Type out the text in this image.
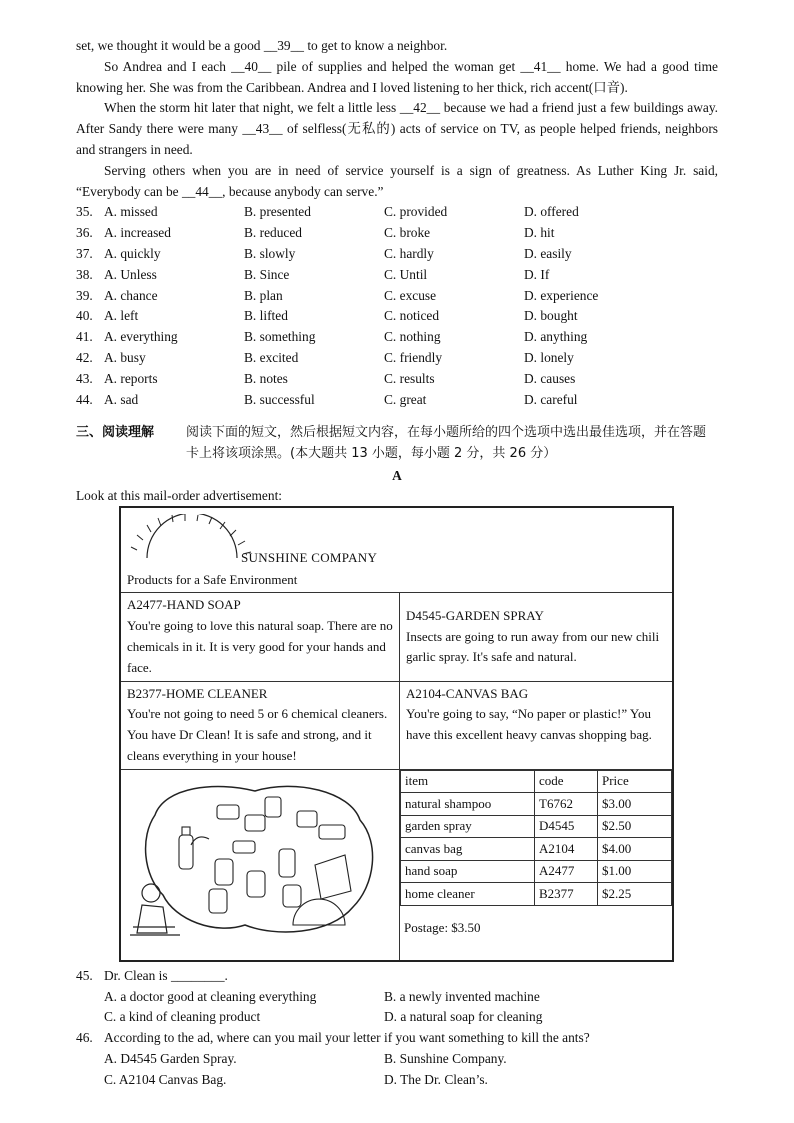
set, we thought it would be a good __39__ to get to know a neighbor.

So Andrea and I each __40__ pile of supplies and helped the woman get __41__ home. We had a good time knowing her. She was from the Caribbean. Andrea and I loved listening to her thick, rich accent(口音).

When the storm hit later that night, we felt a little less __42__ because we had a friend just a few buildings away. After Sandy there were many __43__ of selfless(无私的) acts of service on TV, as people helped friends, neighbors and strangers in need.

Serving others when you are in need of service yourself is a sign of greatness. As Luther King Jr. said, “Everybody can be __44__, because anybody can serve.”

35. A. missed	B. presented	C. provided	D. offered
36. A. increased	B. reduced	C. broke	D. hit
37. A. quickly	B. slowly	C. hardly	D. easily
38. A. Unless	B. Since	C. Until	D. If
39. A. chance	B. plan	C. excuse	D. experience
40. A. left	B. lifted	C. noticed	D. bought
41. A. everything	B. something	C. nothing	D. anything
42. A. busy	B. excited	C. friendly	D. lonely
43. A. reports	B. notes	C. results	D. causes
44. A. sad	B. successful	C. great	D. careful
三、阅读理解	阅读下面的短文，然后根据短文内容，在每小题所给的四个选项中选出最佳选项，并在答题卡上将该项涂黑。(本大题共 13 小题，每小题 2 分，共 26 分）
A
Look at this mail-order advertisement:
SUNSHINE COMPANY
Products for a Safe Environment

A2477-HAND SOAP
You're going to love this natural soap. There are no chemicals in it. It is very good for your hands and face.

D4545-GARDEN SPRAY
Insects are going to run away from our new chili garlic spray. It's safe and natural.

B2377-HOME CLEANER
You're not going to need 5 or 6 chemical cleaners. You have Dr Clean! It is safe and strong, and it cleans everything in your house!

A2104-CANVAS BAG
You're going to say, “No paper or plastic!” You have this excellent heavy canvas shopping bag.

item	code	Price
natural shampoo	T6762	$3.00
garden spray	D4545	$2.50
canvas bag	A2104	$4.00
hand soap	A2477	$1.00
home cleaner	B2377	$2.25
Postage: $3.50
45. Dr. Clean is ________.
A. a doctor good at cleaning everything	B. a newly invented machine
C. a kind of cleaning product	D. a natural soap for cleaning
46. According to the ad, where can you mail your letter if you want something to kill the ants?
A. D4545 Garden Spray.	B. Sunshine Company.
C. A2104 Canvas Bag.	D. The Dr. Clean’s.
